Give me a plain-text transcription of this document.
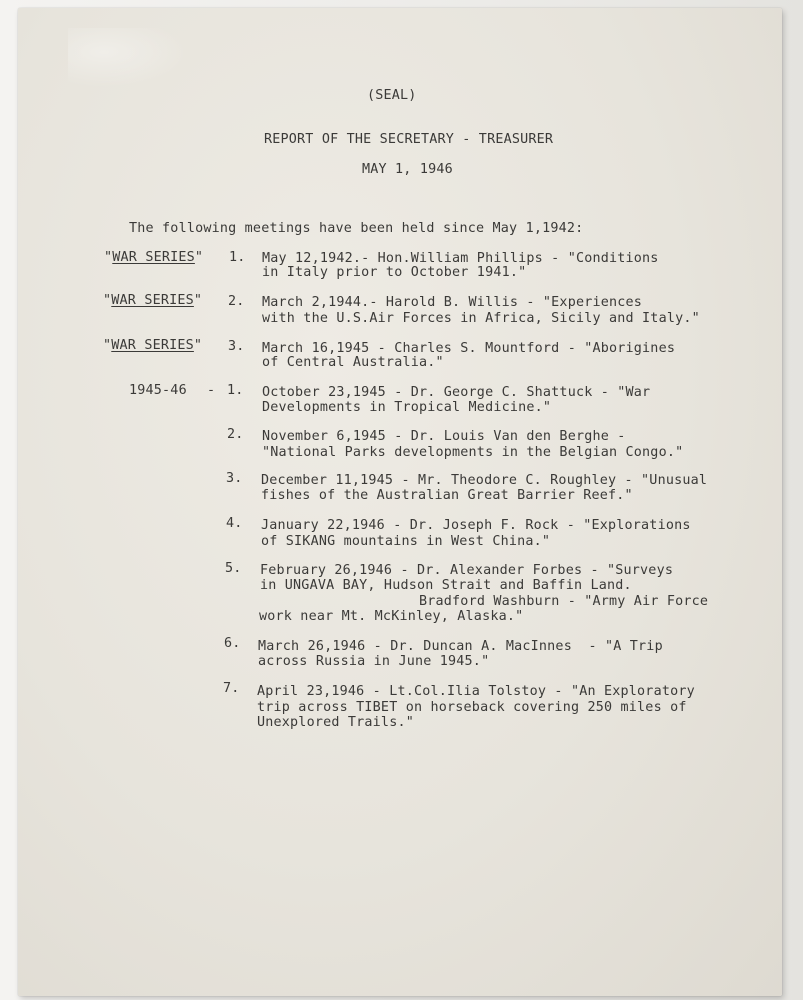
(SEAL)
REPORT OF THE SECRETARY - TREASURER
MAY 1, 1946
The following meetings have been held since May 1,1942:
"WAR SERIES" 1. May 12,1942.- Hon.William Phillips - "Conditions
in Italy prior to October 1941."
"WAR SERIES" 2. March 2,1944.- Harold B. Willis - "Experiences
with the U.S.Air Forces in Africa, Sicily and Italy."
"WAR SERIES" 3. March 16,1945 - Charles S. Mountford - "Aborigines
of Central Australia."
1945-46 - 1. October 23,1945 - Dr. George C. Shattuck - "War
Developments in Tropical Medicine."
2. November 6,1945 - Dr. Louis Van den Berghe -
"National Parks developments in the Belgian Congo."
3. December 11,1945 - Mr. Theodore C. Roughley - "Unusual
fishes of the Australian Great Barrier Reef."
4. January 22,1946 - Dr. Joseph F. Rock - "Explorations
of SIKANG mountains in West China."
5. February 26,1946 - Dr. Alexander Forbes - "Surveys
in UNGAVA BAY, Hudson Strait and Baffin Land.
Bradford Washburn - "Army Air Force
work near Mt. McKinley, Alaska."
6. March 26,1946 - Dr. Duncan A. MacInnes  - "A Trip
across Russia in June 1945."
7. April 23,1946 - Lt.Col.Ilia Tolstoy - "An Exploratory
trip across TIBET on horseback covering 250 miles of
Unexplored Trails."
